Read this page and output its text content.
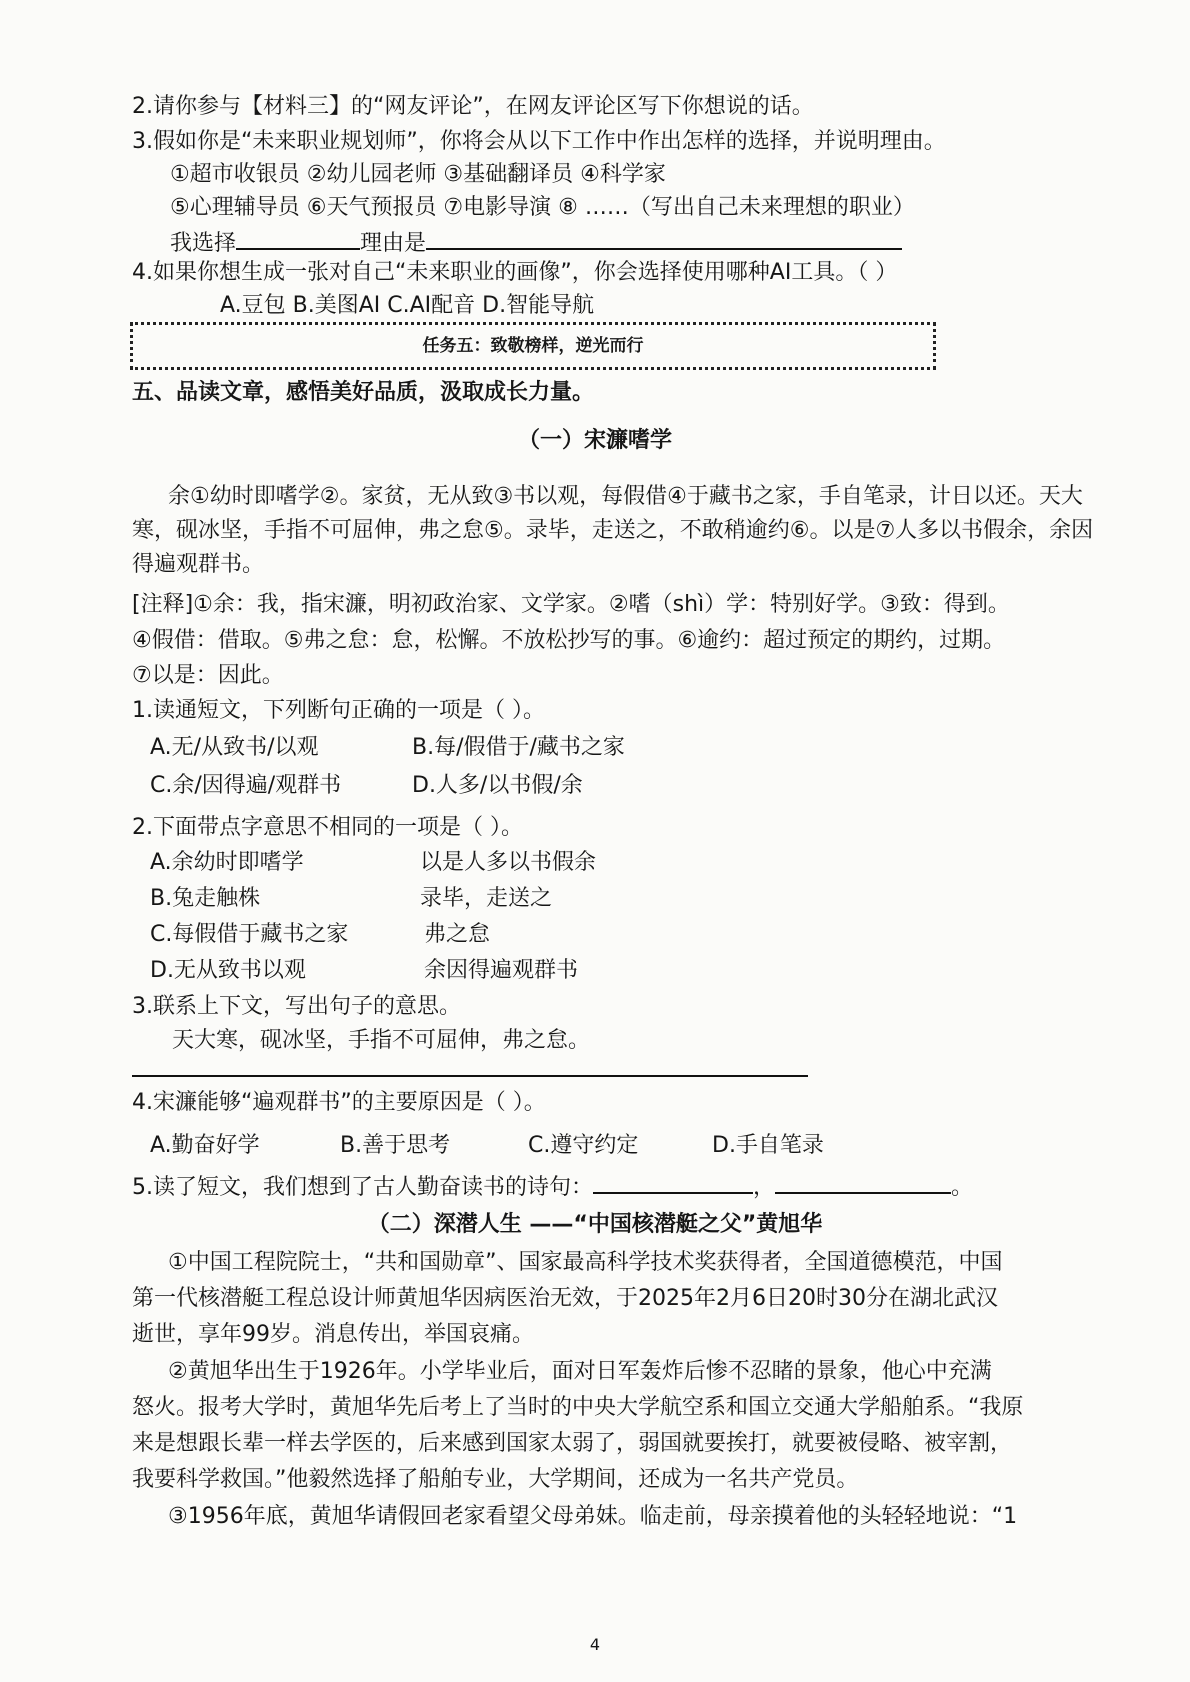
2.请你参与【材料三】的“网友评论”，在网友评论区写下你想说的话。
3.假如你是“未来职业规划师”，你将会从以下工作中作出怎样的选择，并说明理由。
①超市收银员 ②幼儿园老师 ③基础翻译员 ④科学家
⑤心理辅导员 ⑥天气预报员 ⑦电影导演 ⑧ ……（写出自己未来理想的职业）
我选择	理由是
4.如果你想生成一张对自己“未来职业的画像”，你会选择使用哪种AI工具。（ ）
A.豆包 B.美图AI C.AI配音 D.智能导航
任务五：致敬榜样，逆光而行
五、品读文章，感悟美好品质，汲取成长力量。
（一）宋濂嗜学
余①幼时即嗜学②。家贫，无从致③书以观，每假借④于藏书之家，手自笔录，计日以还。天大
寒，砚冰坚，手指不可屈伸，弗之怠⑤。录毕，走送之，不敢稍逾约⑥。以是⑦人多以书假余，余因
得遍观群书。
[注释]①余：我，指宋濂，明初政治家、文学家。②嗜（shì）学：特别好学。③致：得到。
④假借：借取。⑤弗之怠：怠，松懈。不放松抄写的事。⑥逾约：超过预定的期约，过期。
⑦以是：因此。
1.读通短文，下列断句正确的一项是（ ）。
A.无/从致书/以观	B.每/假借于/藏书之家
C.余/因得遍/观群书	D.人多/以书假/余
2.下面带点字意思不相同的一项是（ ）。
A.余幼时即嗜学	以是人多以书假余
B.兔走触株	录毕，走送之
C.每假借于藏书之家	弗之怠
D.无从致书以观	余因得遍观群书
3.联系上下文，写出句子的意思。
天大寒，砚冰坚，手指不可屈伸，弗之怠。
4.宋濂能够“遍观群书”的主要原因是（ ）。
A.勤奋好学	B.善于思考	C.遵守约定	D.手自笔录
5.读了短文，我们想到了古人勤奋读书的诗句：	，	。
（二）深潜人生 ——“中国核潜艇之父”黄旭华
①中国工程院院士，“共和国勋章”、国家最高科学技术奖获得者，全国道德模范，中国
第一代核潜艇工程总设计师黄旭华因病医治无效，于2025年2月6日20时30分在湖北武汉
逝世，享年99岁。消息传出，举国哀痛。
②黄旭华出生于1926年。小学毕业后，面对日军轰炸后惨不忍睹的景象，他心中充满
怒火。报考大学时，黄旭华先后考上了当时的中央大学航空系和国立交通大学船舶系。“我原
来是想跟长辈一样去学医的，后来感到国家太弱了，弱国就要挨打，就要被侵略、被宰割，
我要科学救国。”他毅然选择了船舶专业，大学期间，还成为一名共产党员。
③1956年底，黄旭华请假回老家看望父母弟妹。临走前，母亲摸着他的头轻轻地说：“1
4
